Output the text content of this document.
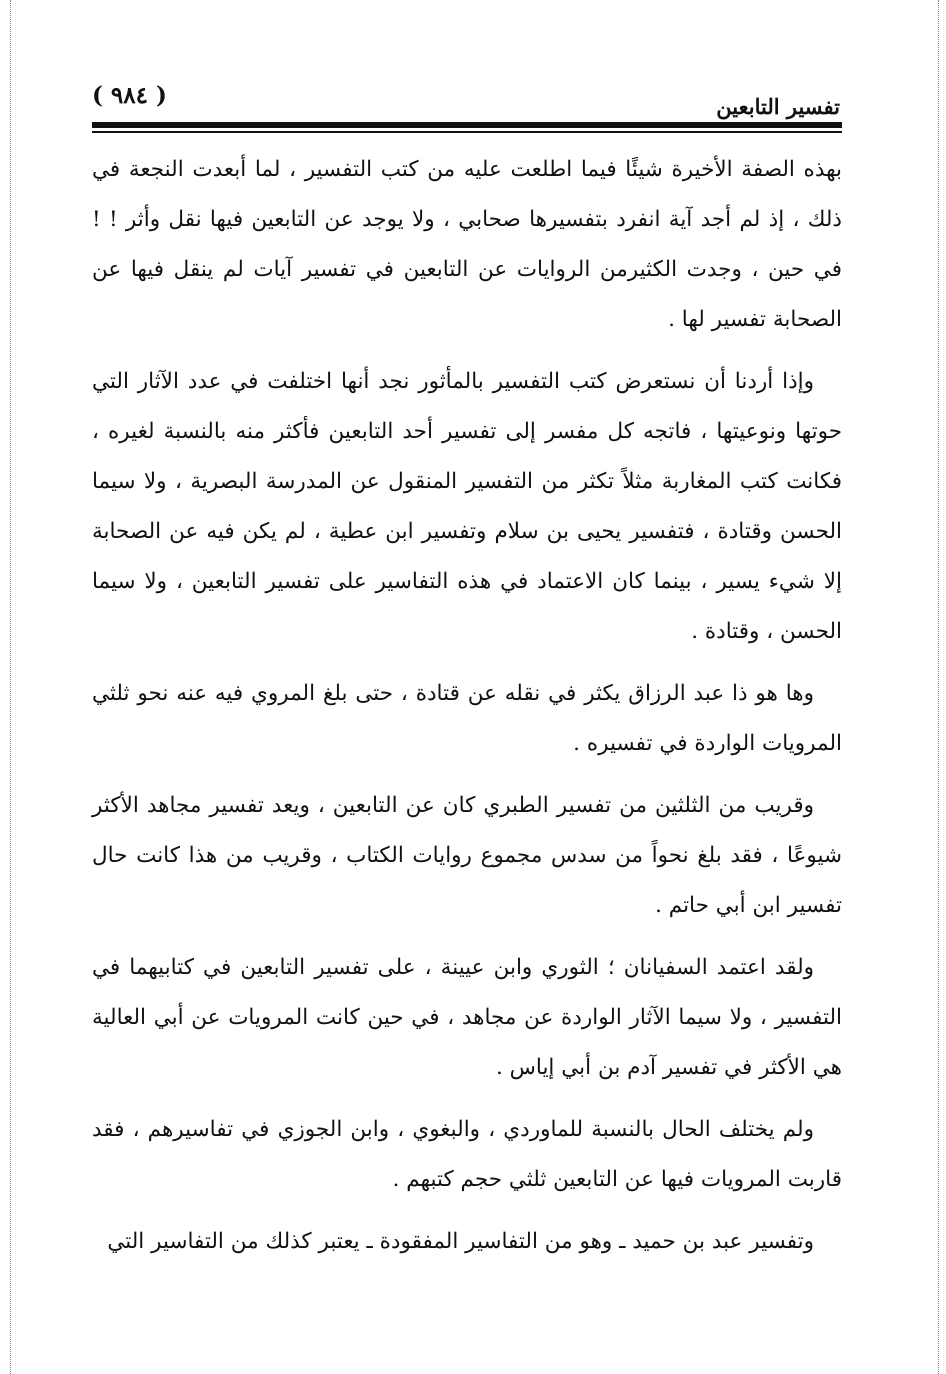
( ٩٨٤ )	تفسير التابعين

بهذه الصفة الأخيرة شيئًا فيما اطلعت عليه من كتب التفسير ، لما أبعدت النجعة في ذلك ، إذ لم أجد آية انفرد بتفسيرها صحابي ، ولا يوجد عن التابعين فيها نقل وأثر ! ! في حين ، وجدت الكثيرمن الروايات عن التابعين في تفسير آيات لم ينقل فيها عن الصحابة تفسير لها .

وإذا أردنا أن نستعرض كتب التفسير بالمأثور نجد أنها اختلفت في عدد الآثار التي حوتها ونوعيتها ، فاتجه كل مفسر إلى تفسير أحد التابعين فأكثر منه بالنسبة لغيره ، فكانت كتب المغاربة مثلاً تكثر من التفسير المنقول عن المدرسة البصرية ، ولا سيما الحسن وقتادة ، فتفسير يحيى بن سلام وتفسير ابن عطية ، لم يكن فيه عن الصحابة إلا شيء يسير ، بينما كان الاعتماد في هذه التفاسير على تفسير التابعين ، ولا سيما الحسن ، وقتادة .

وها هو ذا عبد الرزاق يكثر في نقله عن قتادة ، حتى بلغ المروي فيه عنه نحو ثلثي المرويات الواردة في تفسيره .

وقريب من الثلثين من تفسير الطبري كان عن التابعين ، ويعد تفسير مجاهد الأكثر شيوعًا ، فقد بلغ نحواً من سدس مجموع روايات الكتاب ، وقريب من هذا كانت حال تفسير ابن أبي حاتم .

ولقد اعتمد السفيانان ؛ الثوري وابن عيينة ، على تفسير التابعين في كتابيهما في التفسير ، ولا سيما الآثار الواردة عن مجاهد ، في حين كانت المرويات عن أبي العالية هي الأكثر في تفسير آدم بن أبي إياس .

ولم يختلف الحال بالنسبة للماوردي ، والبغوي ، وابن الجوزي في تفاسيرهم ، فقد قاربت المرويات فيها عن التابعين ثلثي حجم كتبهم .

وتفسير عبد بن حميد ـ وهو من التفاسير المفقودة ـ يعتبر كذلك من التفاسير التي
